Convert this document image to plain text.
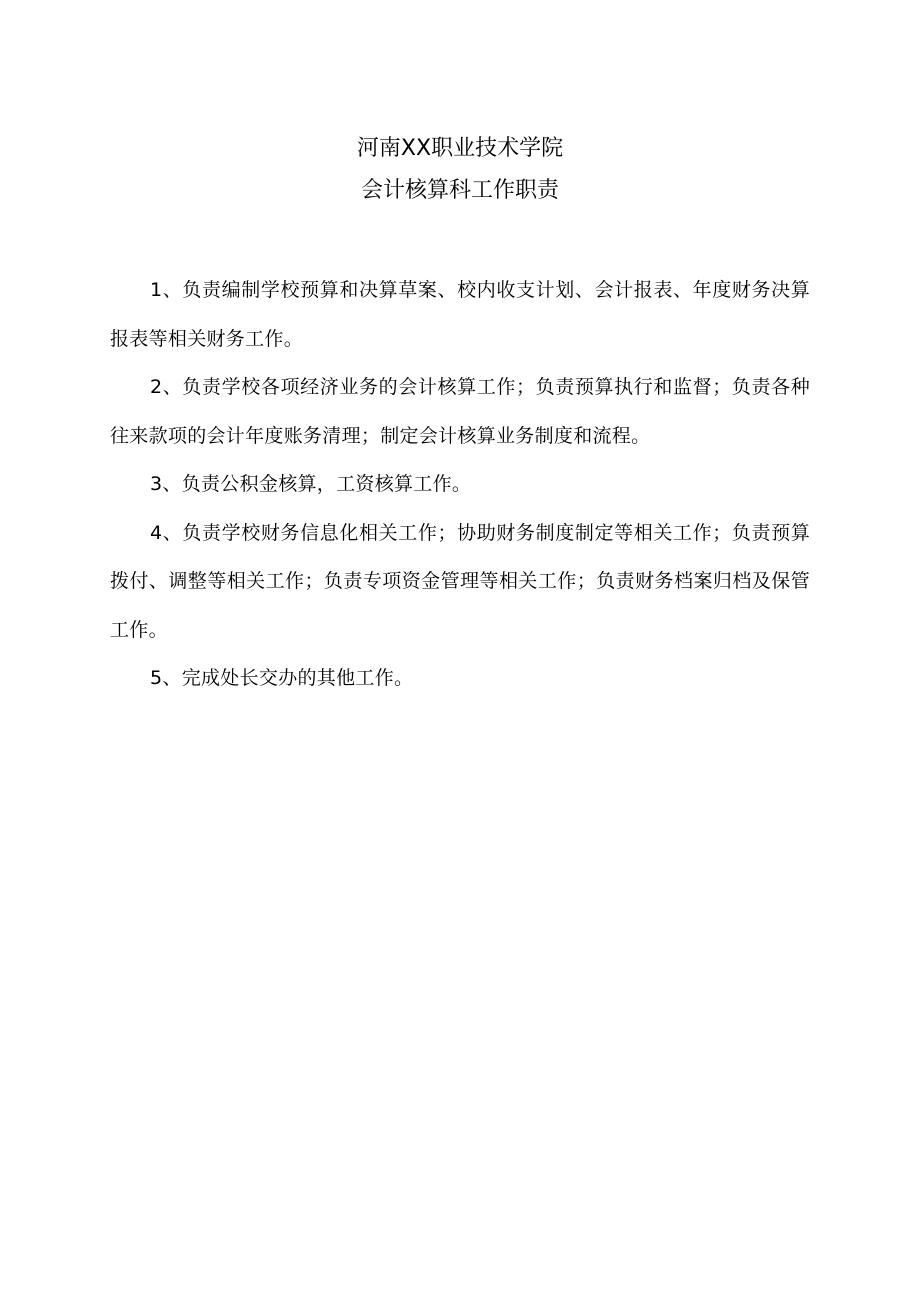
河南XX职业技术学院
会计核算科工作职责

1、负责编制学校预算和决算草案、校内收支计划、会计报表、年度财务决算报表等相关财务工作。

2、负责学校各项经济业务的会计核算工作；负责预算执行和监督；负责各种往来款项的会计年度账务清理；制定会计核算业务制度和流程。

3、负责公积金核算，工资核算工作。

4、负责学校财务信息化相关工作；协助财务制度制定等相关工作；负责预算拨付、调整等相关工作；负责专项资金管理等相关工作；负责财务档案归档及保管工作。

5、完成处长交办的其他工作。
